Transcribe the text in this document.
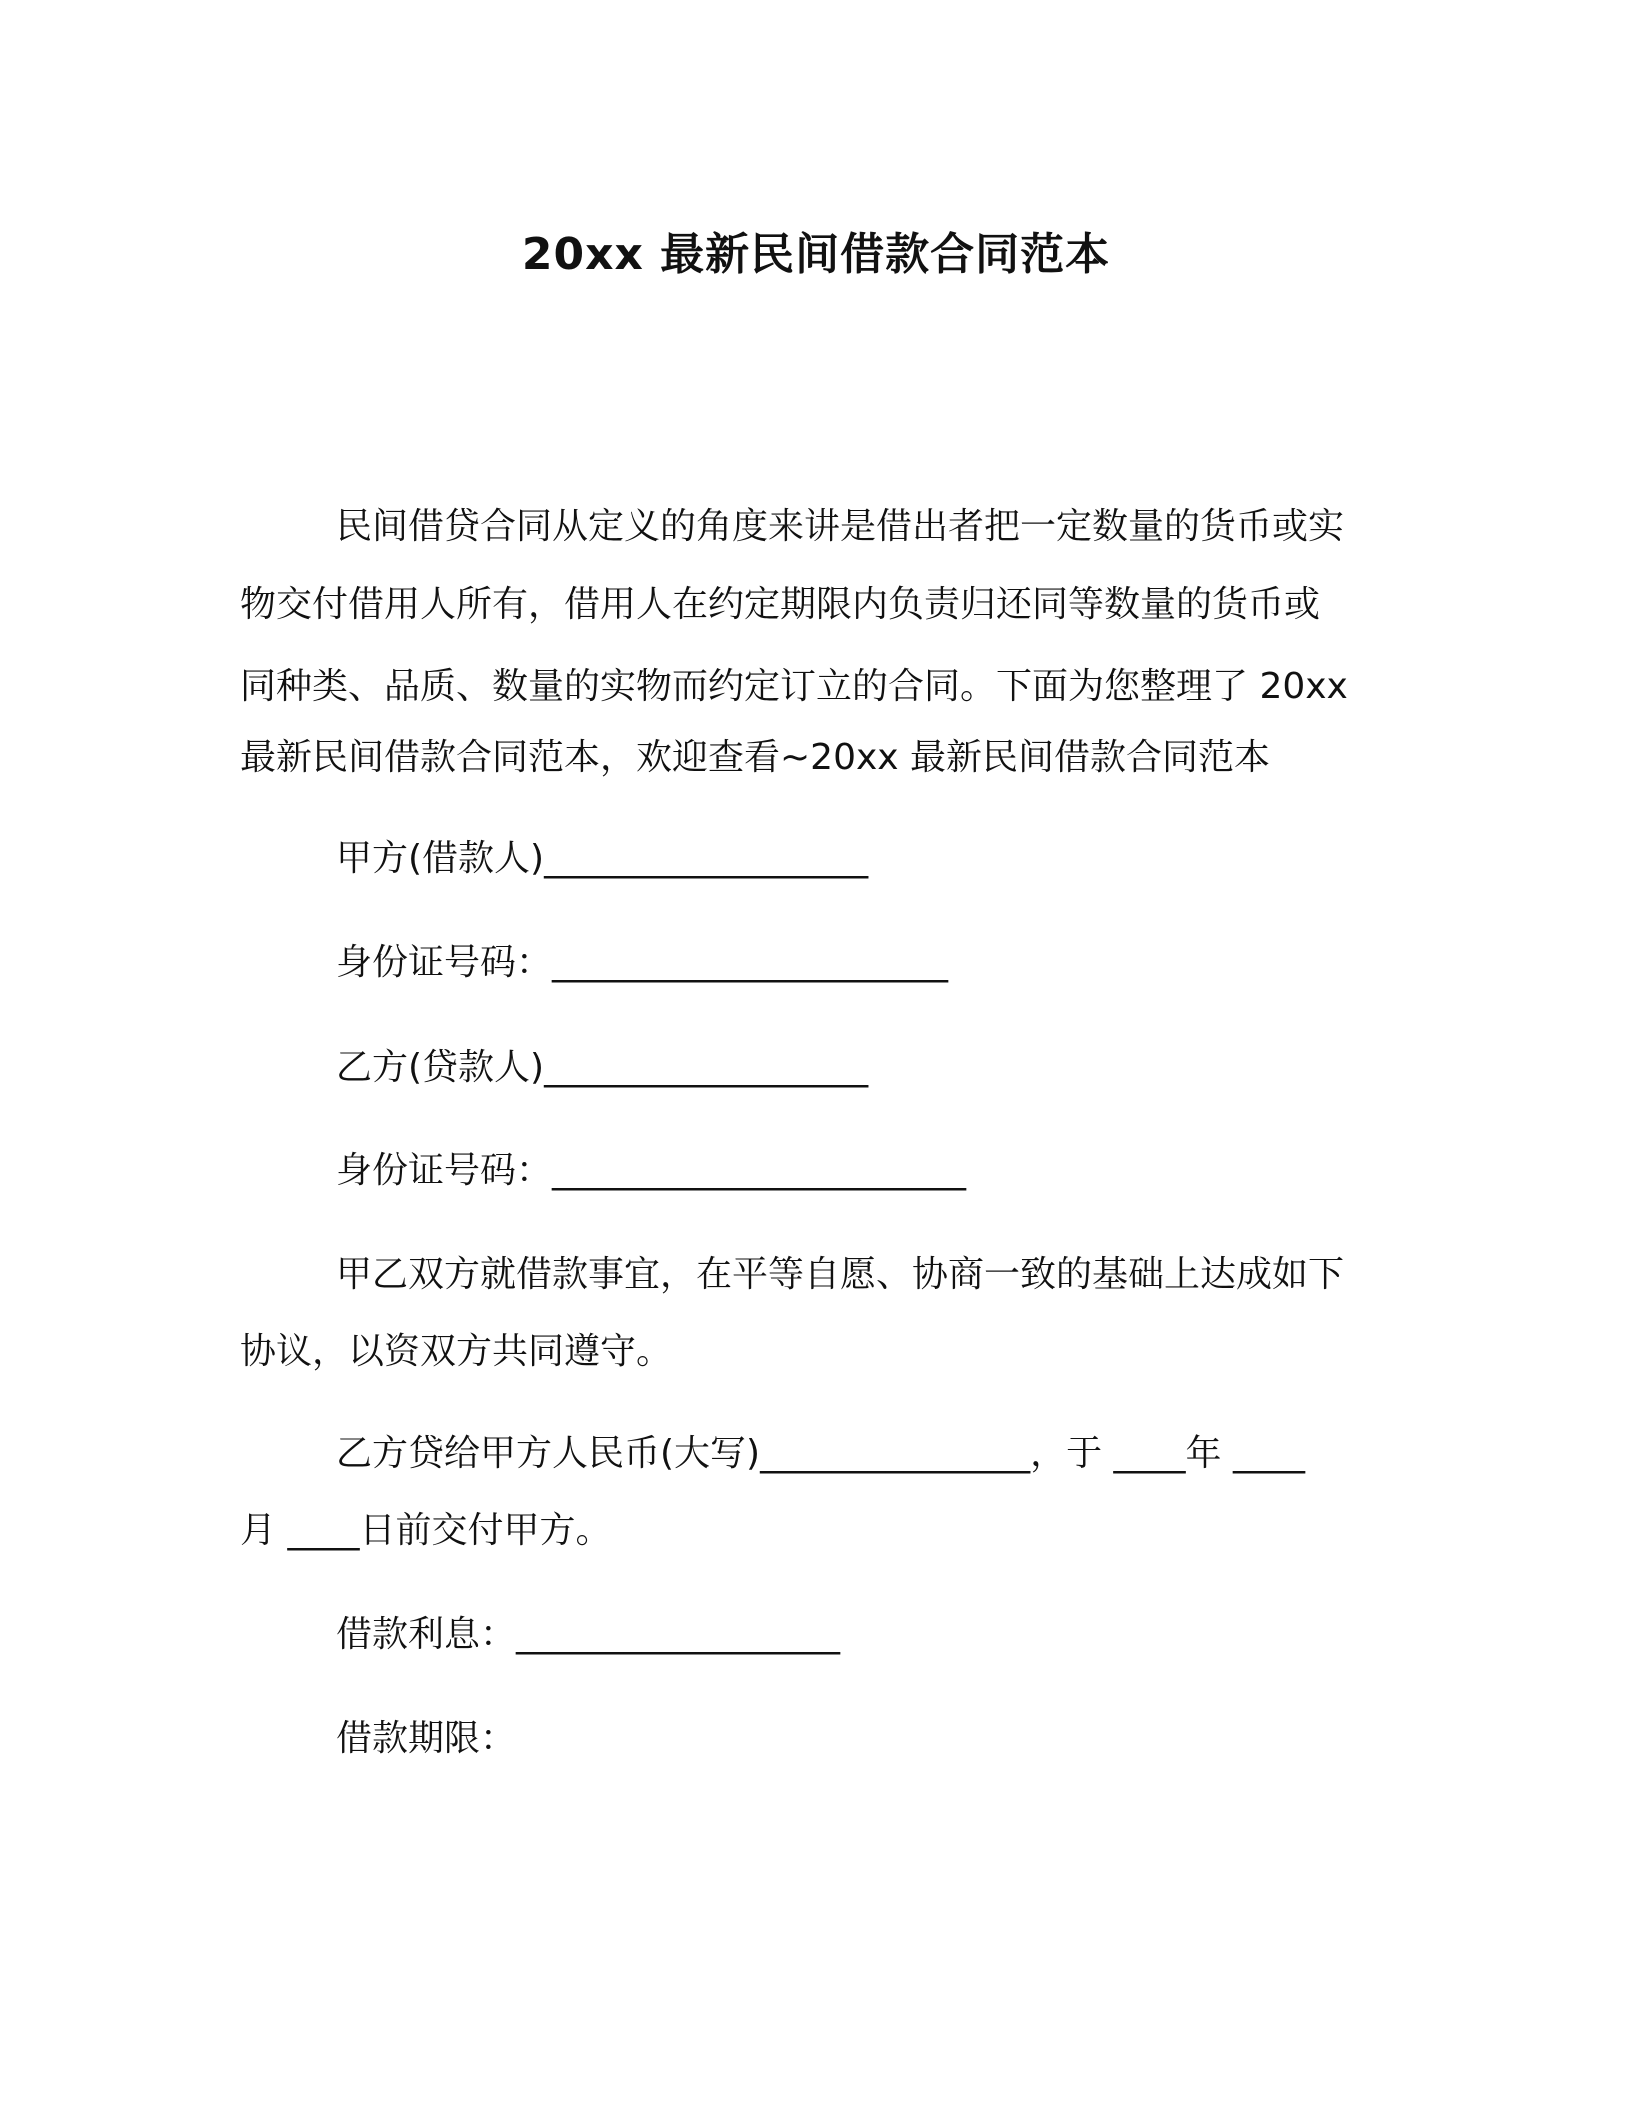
20xx 最新民间借款合同范本

民间借贷合同从定义的角度来讲是借出者把一定数量的货币或实

物交付借用人所有，借用人在约定期限内负责归还同等数量的货币或

同种类、品质、数量的实物而约定订立的合同。下面为您整理了 20xx

最新民间借款合同范本，欢迎查看~20xx 最新民间借款合同范本

甲方(借款人)__________________

身份证号码：______________________

乙方(贷款人)__________________

身份证号码：_______________________

甲乙双方就借款事宜，在平等自愿、协商一致的基础上达成如下

协议，以资双方共同遵守。

乙方贷给甲方人民币(大写)_______________，于 ____年 ____

月 ____日前交付甲方。

借款利息：__________________

借款期限：
